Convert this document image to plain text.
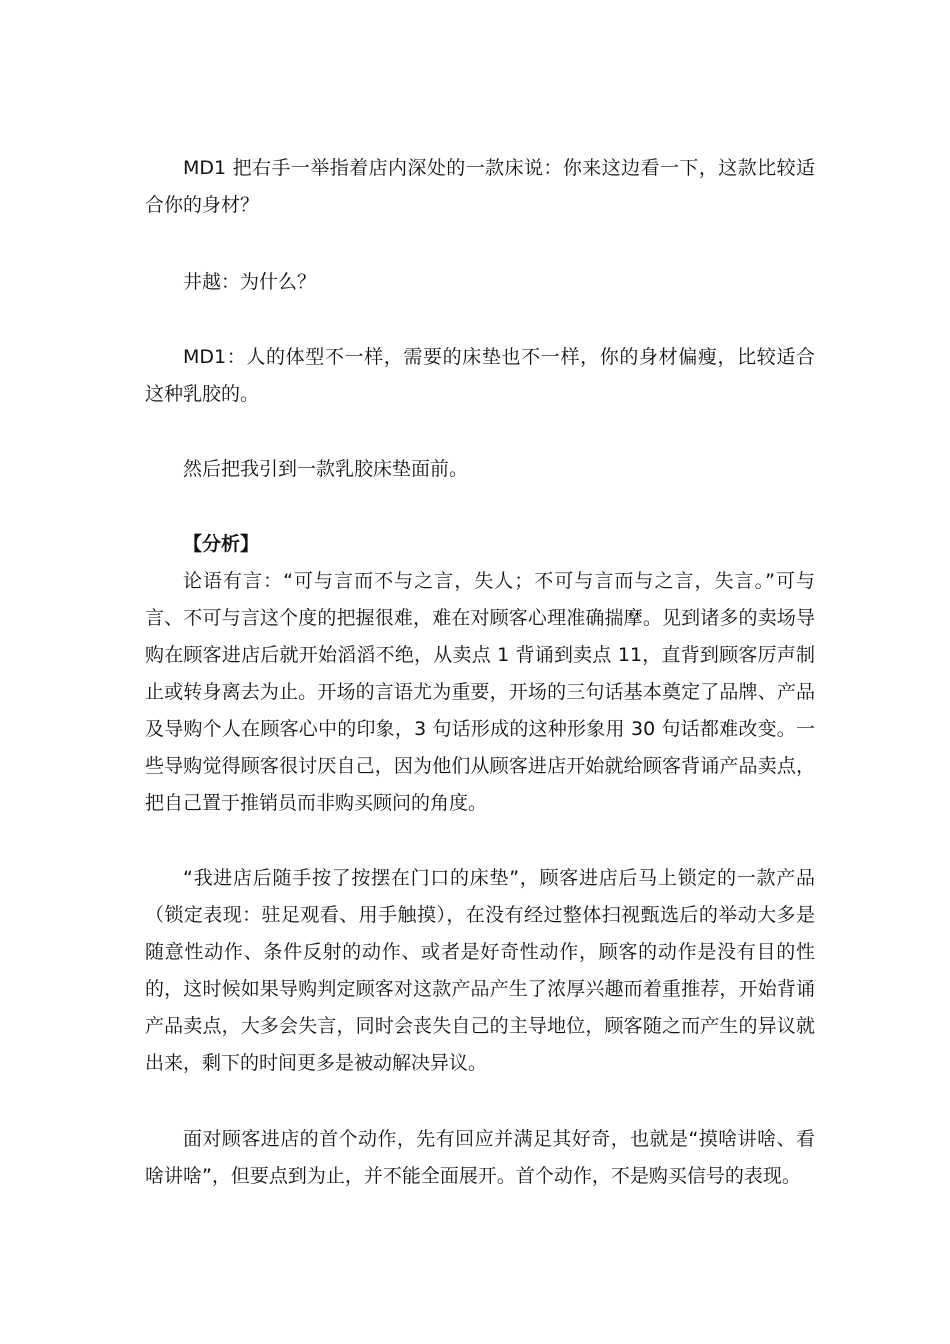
MD1 把右手一举指着店内深处的一款床说：你来这边看一下，这款比较适合你的身材？

井越：为什么？

MD1：人的体型不一样，需要的床垫也不一样，你的身材偏瘦，比较适合这种乳胶的。

然后把我引到一款乳胶床垫面前。

【分析】

论语有言：“可与言而不与之言，失人；不可与言而与之言，失言。”可与言、不可与言这个度的把握很难，难在对顾客心理准确揣摩。见到诸多的卖场导购在顾客进店后就开始滔滔不绝，从卖点 1 背诵到卖点 11，直背到顾客厉声制止或转身离去为止。开场的言语尤为重要，开场的三句话基本奠定了品牌、产品及导购个人在顾客心中的印象，3 句话形成的这种形象用 30 句话都难改变。一些导购觉得顾客很讨厌自己，因为他们从顾客进店开始就给顾客背诵产品卖点，把自己置于推销员而非购买顾问的角度。

“我进店后随手按了按摆在门口的床垫”，顾客进店后马上锁定的一款产品（锁定表现：驻足观看、用手触摸），在没有经过整体扫视甄选后的举动大多是随意性动作、条件反射的动作、或者是好奇性动作，顾客的动作是没有目的性的，这时候如果导购判定顾客对这款产品产生了浓厚兴趣而着重推荐，开始背诵产品卖点，大多会失言，同时会丧失自己的主导地位，顾客随之而产生的异议就出来，剩下的时间更多是被动解决异议。

面对顾客进店的首个动作，先有回应并满足其好奇，也就是“摸啥讲啥、看啥讲啥”，但要点到为止，并不能全面展开。首个动作，不是购买信号的表现。
